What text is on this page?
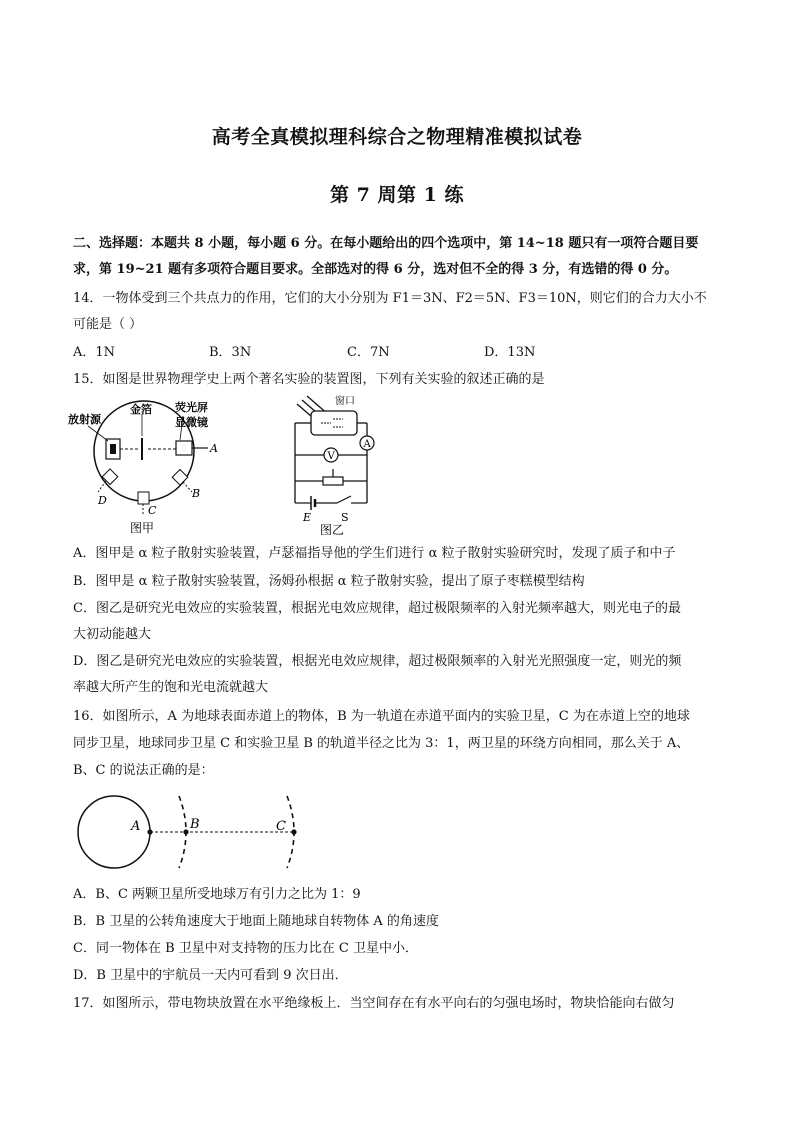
高考全真模拟理科综合之物理精准模拟试卷
第 7 周第 1 练
二、选择题：本题共 8 小题，每小题 6 分。在每小题给出的四个选项中，第 14~18 题只有一项符合题目要
求，第 19~21 题有多项符合题目要求。全部选对的得 6 分，选对但不全的得 3 分，有选错的得 0 分。
14．一物体受到三个共点力的作用，它们的大小分别为 F1＝3N、F2＝5N、F3＝10N，则它们的合力大小不
可能是（ ）
A．1N	B．3N	C．7N	D．13N
15．如图是世界物理学史上两个著名实验的装置图，下列有关实验的叙述正确的是
放射源
金箔 荧光屏
显微镜
A
B
C
D
图甲
A
V
窗口
E	S
图乙
A．图甲是 α 粒子散射实验装置，卢瑟福指导他的学生们进行 α 粒子散射实验研究时，发现了质子和中子
B．图甲是 α 粒子散射实验装置，汤姆孙根据 α 粒子散射实验，提出了原子枣糕模型结构
C．图乙是研究光电效应的实验装置，根据光电效应规律，超过极限频率的入射光频率越大，则光电子的最
大初动能越大
D．图乙是研究光电效应的实验装置，根据光电效应规律，超过极限频率的入射光光照强度一定，则光的频
率越大所产生的饱和光电流就越大
16．如图所示，A 为地球表面赤道上的物体，B 为一轨道在赤道平面内的实验卫星，C 为在赤道上空的地球
同步卫星，地球同步卫星 C 和实验卫星 B 的轨道半径之比为 3：1，两卫星的环绕方向相同，那么关于 A、
B、C 的说法正确的是：
A	B	C
A．B、C 两颗卫星所受地球万有引力之比为 1：9
B．B 卫星的公转角速度大于地面上随地球自转物体 A 的角速度
C．同一物体在 B 卫星中对支持物的压力比在 C 卫星中小．
D．B 卫星中的宇航员一天内可看到 9 次日出．
17．如图所示，带电物块放置在水平绝缘板上．当空间存在有水平向右的匀强电场时，物块恰能向右做匀
